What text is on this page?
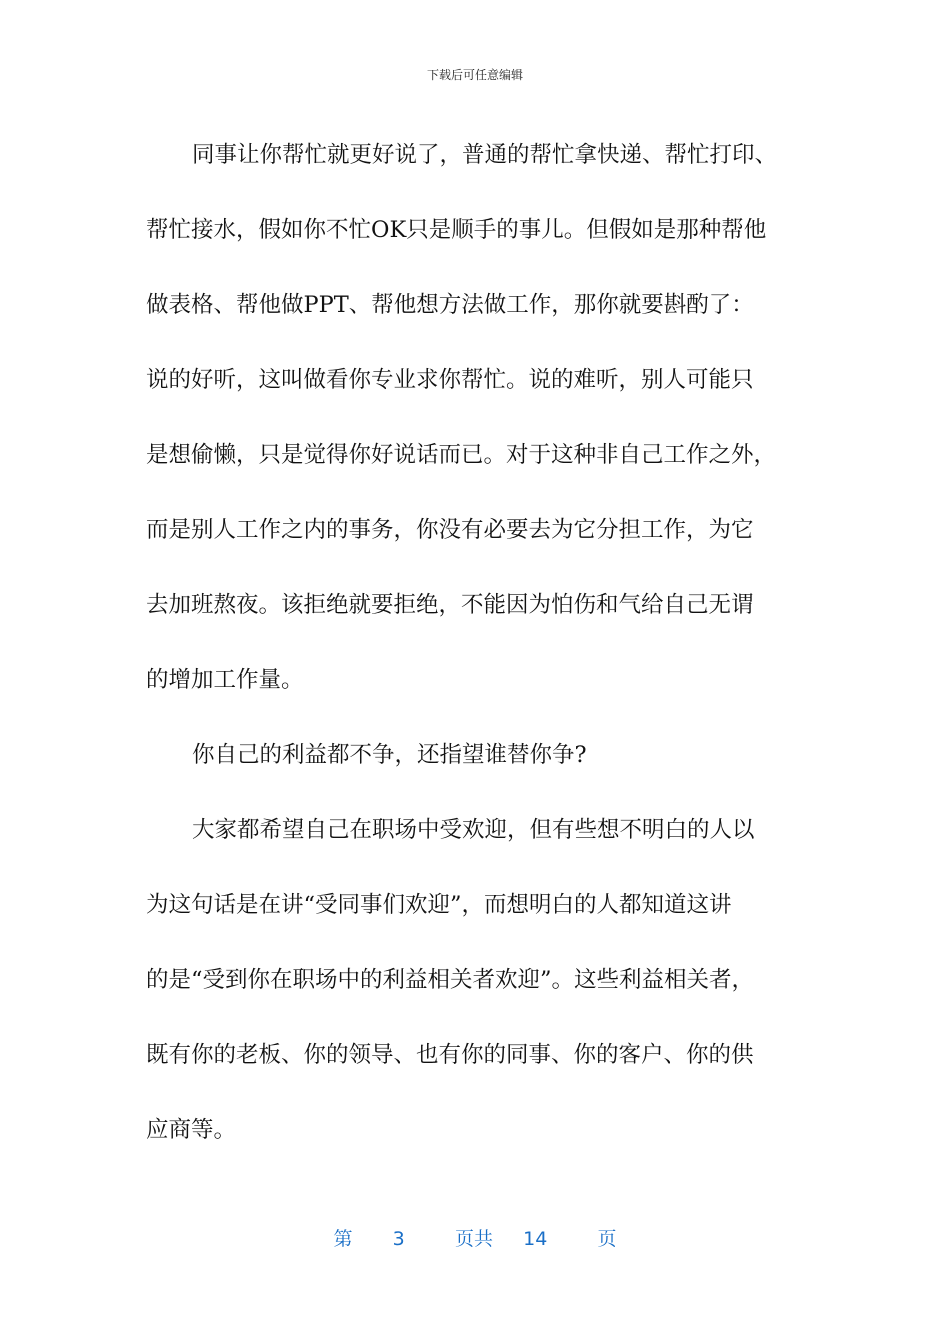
下载后可任意编辑

同事让你帮忙就更好说了，普通的帮忙拿快递、帮忙打印、

帮忙接水，假如你不忙OK只是顺手的事儿。但假如是那种帮他

做表格、帮他做PPT、帮他想方法做工作，那你就要斟酌了：

说的好听，这叫做看你专业求你帮忙。说的难听，别人可能只

是想偷懒，只是觉得你好说话而已。对于这种非自己工作之外，

而是别人工作之内的事务，你没有必要去为它分担工作，为它

去加班熬夜。该拒绝就要拒绝，不能因为怕伤和气给自己无谓

的增加工作量。

你自己的利益都不争，还指望谁替你争?

大家都希望自己在职场中受欢迎，但有些想不明白的人以

为这句话是在讲“受同事们欢迎”，而想明白的人都知道这讲

的是“受到你在职场中的利益相关者欢迎”。这些利益相关者，

既有你的老板、你的领导、也有你的同事、你的客户、你的供

应商等。

第 3	页共 14	页
